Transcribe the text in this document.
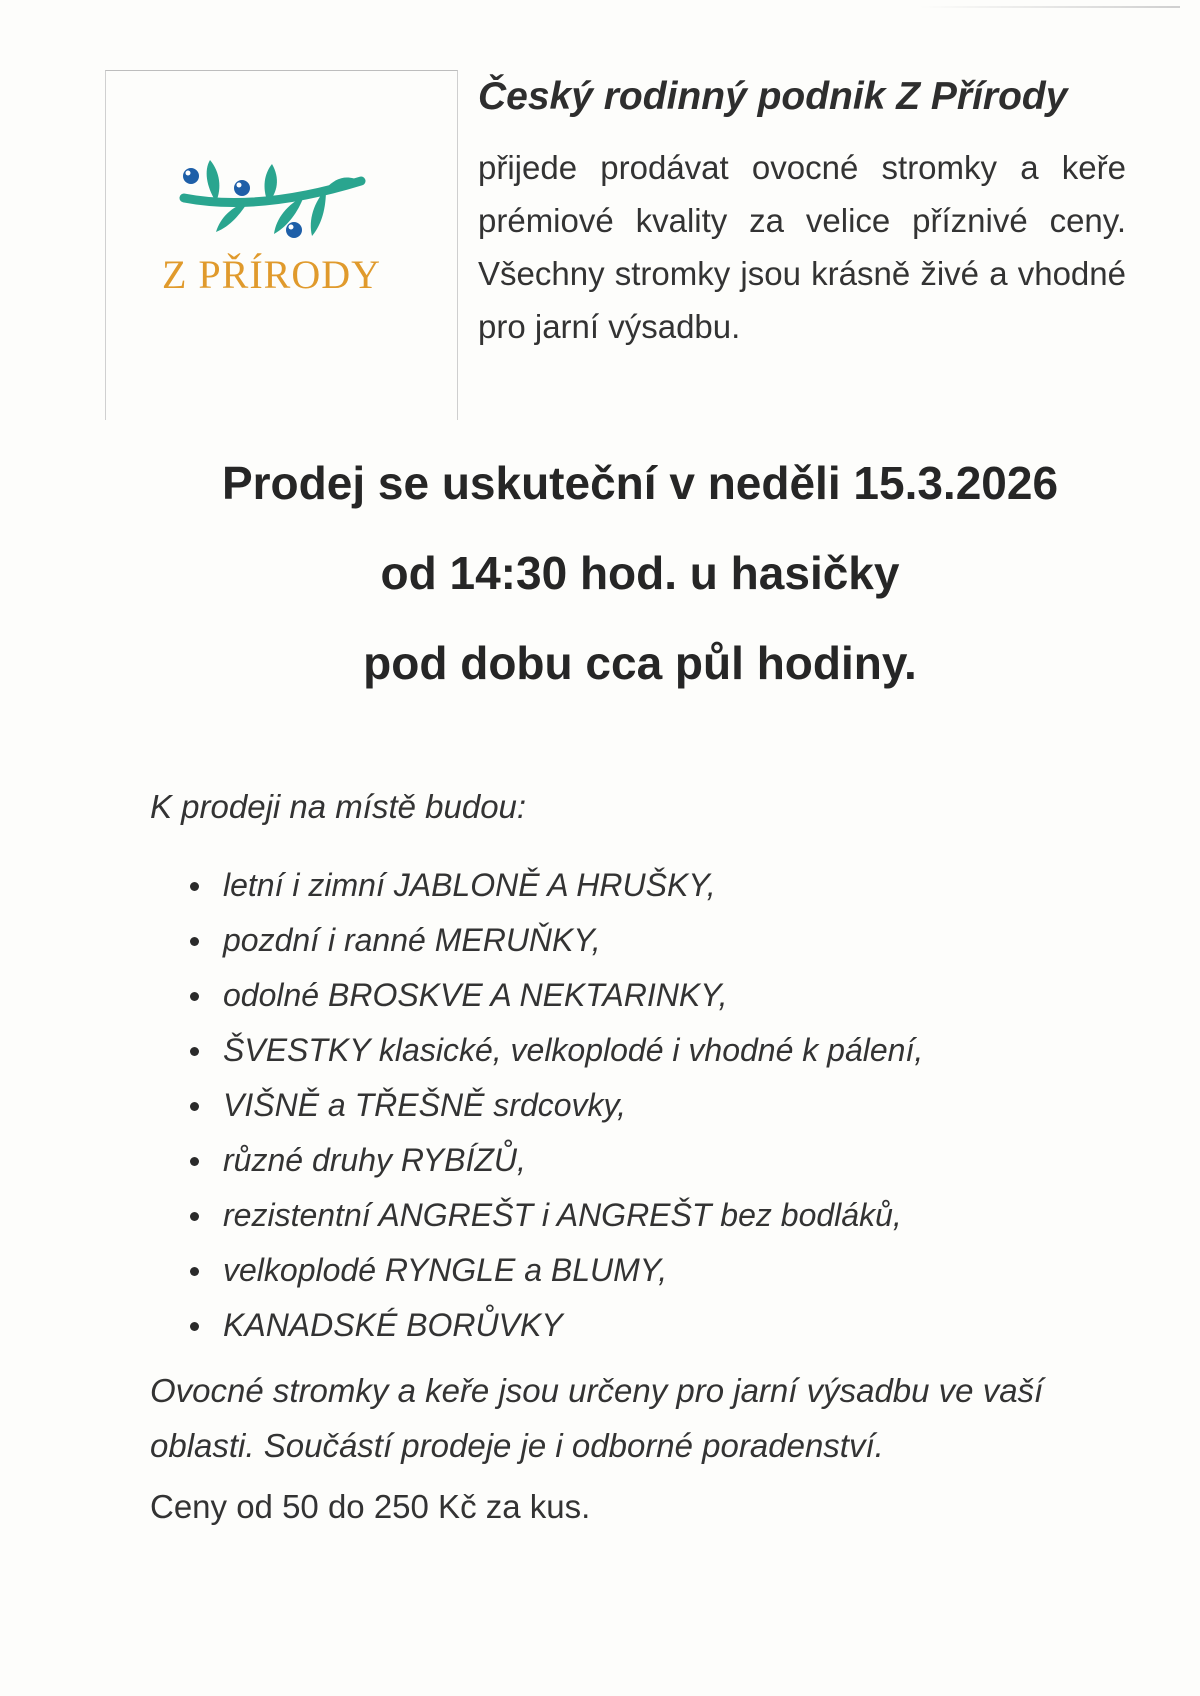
Z PŘÍRODY

Český rodinný podnik Z Přírody

přijede prodávat ovocné stromky a keře prémiové kvality za velice příznivé ceny. Všechny stromky jsou krásně živé a vhodné pro jarní výsadbu.

Prodej se uskuteční v neděli 15.3.2026
od 14:30 hod. u hasičky
pod dobu cca půl hodiny.
K prodeji na místě budou:
letní i zimní JABLONĚ A HRUŠKY,
pozdní i ranné MERUŇKY,
odolné BROSKVE A NEKTARINKY,
ŠVESTKY klasické, velkoplodé i vhodné k pálení,
VIŠNĚ a TŘEŠNĚ srdcovky,
různé druhy RYBÍZŮ,
rezistentní ANGREŠT i ANGREŠT bez bodláků,
velkoplodé RYNGLE a BLUMY,
KANADSKÉ BORŮVKY

Ovocné stromky a keře jsou určeny pro jarní výsadbu ve vaší oblasti. Součástí prodeje je i odborné poradenství.

Ceny od 50 do 250 Kč za kus.
